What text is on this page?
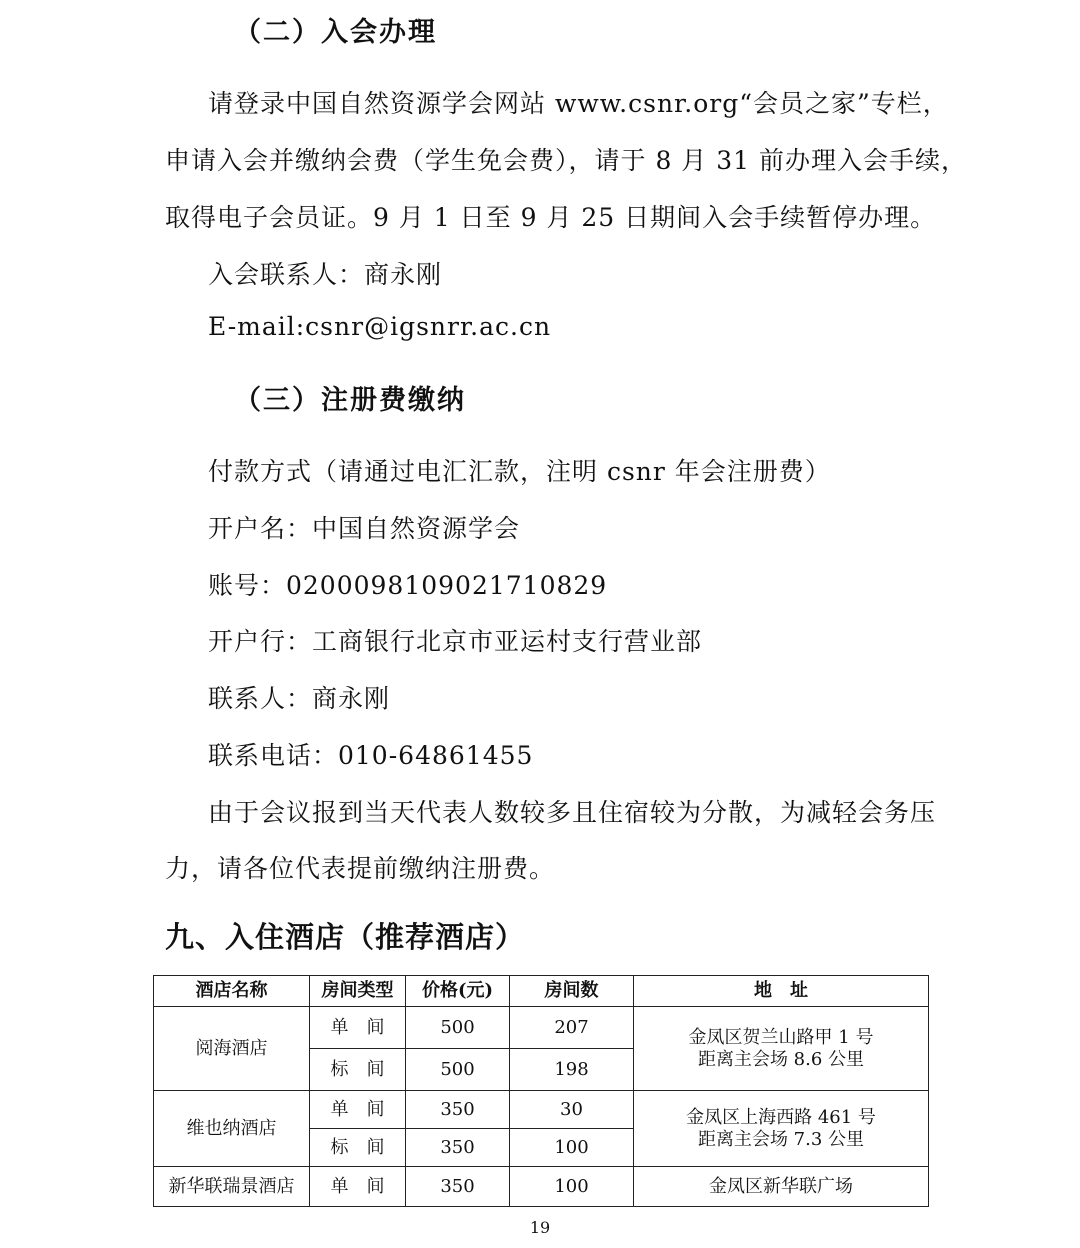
（二）入会办理
请登录中国自然资源学会网站 www.csnr.org“会员之家”专栏，
申请入会并缴纳会费（学生免会费），请于 8 月 31 前办理入会手续，
取得电子会员证。9 月 1 日至 9 月 25 日期间入会手续暂停办理。
入会联系人：商永刚
E-mail:csnr@igsnrr.ac.cn
（三）注册费缴纳
付款方式（请通过电汇汇款，注明 csnr 年会注册费）
开户名：中国自然资源学会
账号：0200098109021710829
开户行：工商银行北京市亚运村支行营业部
联系人：商永刚
联系电话：010-64861455
由于会议报到当天代表人数较多且住宿较为分散，为减轻会务压
力，请各位代表提前缴纳注册费。
九、入住酒店（推荐酒店）
酒店名称	房间类型	价格(元)	房间数	地　址
阅海酒店	单　间	500	207	金凤区贺兰山路甲 1 号
距离主会场 8.6 公里

	标　间	500	198	
维也纳酒店	单　间	350	30	金凤区上海西路 461 号
距离主会场 7.3 公里

	标　间	350	100	
新华联瑞景酒店	单　间	350	100	金凤区新华联广场
19
